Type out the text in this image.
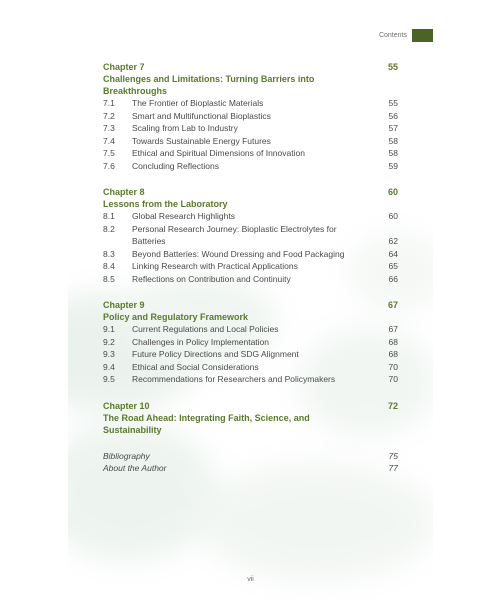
Contents
Chapter 7	55
Challenges and Limitations: Turning Barriers into Breakthroughs
7.1	The Frontier of Bioplastic Materials	55
7.2	Smart and Multifunctional Bioplastics	56
7.3	Scaling from Lab to Industry	57
7.4	Towards Sustainable Energy Futures	58
7.5	Ethical and Spiritual Dimensions of Innovation	58
7.6	Concluding Reflections	59
Chapter 8	60
Lessons from the Laboratory
8.1	Global Research Highlights	60
8.2	Personal Research Journey: Bioplastic Electrolytes for Batteries	62
8.3	Beyond Batteries: Wound Dressing and Food Packaging	64
8.4	Linking Research with Practical Applications	65
8.5	Reflections on Contribution and Continuity	66
Chapter 9	67
Policy and Regulatory Framework
9.1	Current Regulations and Local Policies	67
9.2	Challenges in Policy Implementation	68
9.3	Future Policy Directions and SDG Alignment	68
9.4	Ethical and Social Considerations	70
9.5	Recommendations for Researchers and Policymakers	70
Chapter 10	72
The Road Ahead: Integrating Faith, Science, and Sustainability
Bibliography	75
About the Author	77
vii
